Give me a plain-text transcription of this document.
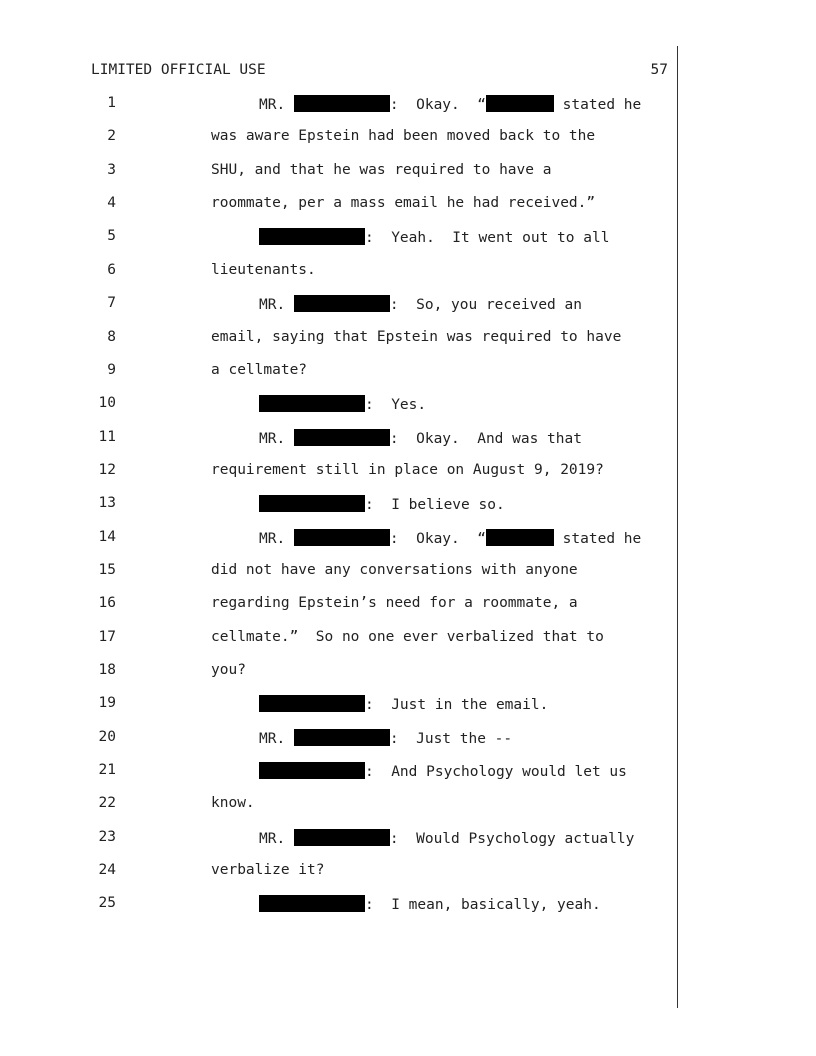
LIMITED OFFICIAL USE	57
1	MR.	:  Okay.  “	stated he
2	was aware Epstein had been moved back to the
3	SHU, and that he was required to have a
4	roommate, per a mass email he had received.”
5	:  Yeah.  It went out to all
6	lieutenants.
7	MR.	:  So, you received an
8	email, saying that Epstein was required to have
9	a cellmate?
10	:  Yes.
11	MR.	:  Okay.  And was that
12	requirement still in place on August 9, 2019?
13	:  I believe so.
14	MR.	:  Okay.  “	stated he
15	did not have any conversations with anyone
16	regarding Epstein’s need for a roommate, a
17	cellmate.”  So no one ever verbalized that to
18	you?
19	:  Just in the email.
20	MR.	:  Just the --
21	:  And Psychology would let us
22	know.
23	MR.	:  Would Psychology actually
24	verbalize it?
25	:  I mean, basically, yeah.
